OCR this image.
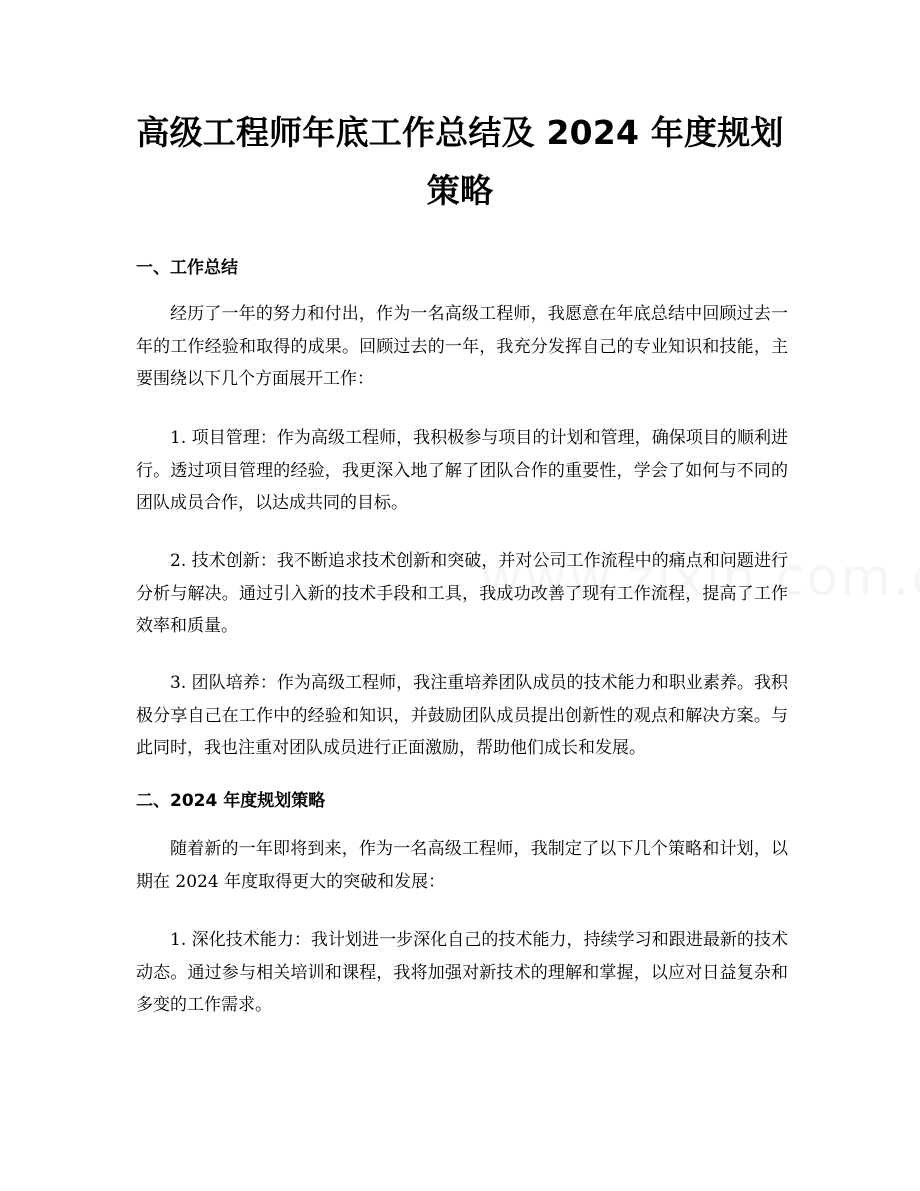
高级工程师年底工作总结及 2024 年度规划策略
一、工作总结
经历了一年的努力和付出，作为一名高级工程师，我愿意在年底总结中回顾过去一年的工作经验和取得的成果。回顾过去的一年，我充分发挥自己的专业知识和技能，主要围绕以下几个方面展开工作：
1. 项目管理：作为高级工程师，我积极参与项目的计划和管理，确保项目的顺利进行。透过项目管理的经验，我更深入地了解了团队合作的重要性，学会了如何与不同的团队成员合作，以达成共同的目标。
2. 技术创新：我不断追求技术创新和突破，并对公司工作流程中的痛点和问题进行分析与解决。通过引入新的技术手段和工具，我成功改善了现有工作流程，提高了工作效率和质量。
3. 团队培养：作为高级工程师，我注重培养团队成员的技术能力和职业素养。我积极分享自己在工作中的经验和知识，并鼓励团队成员提出创新性的观点和解决方案。与此同时，我也注重对团队成员进行正面激励，帮助他们成长和发展。
二、2024 年度规划策略
随着新的一年即将到来，作为一名高级工程师，我制定了以下几个策略和计划，以期在 2024 年度取得更大的突破和发展：
1. 深化技术能力：我计划进一步深化自己的技术能力，持续学习和跟进最新的技术动态。通过参与相关培训和课程，我将加强对新技术的理解和掌握，以应对日益复杂和多变的工作需求。
